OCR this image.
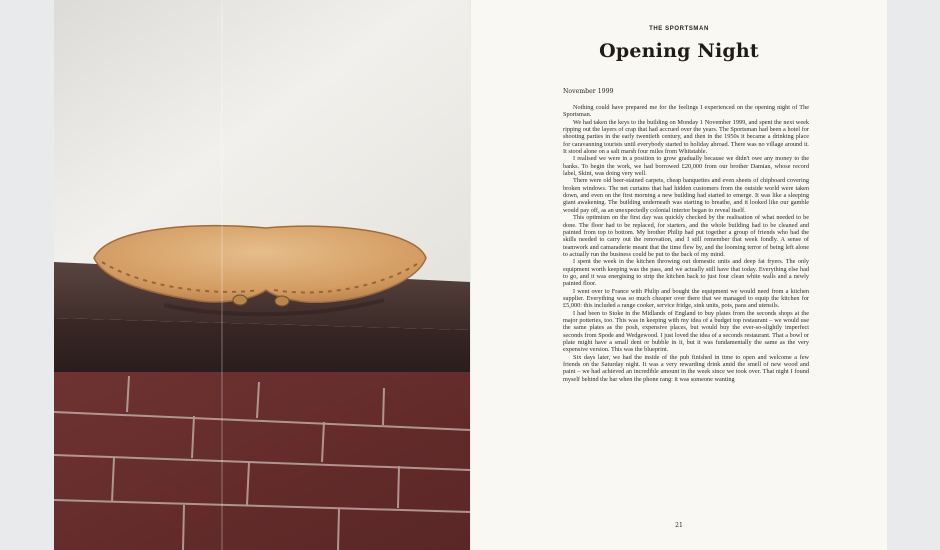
THE SPORTSMAN
Opening Night
November 1999

Nothing could have prepared me for the feelings I experienced on the opening night of The Sportsman.

We had taken the keys to the building on Monday 1 November 1999, and spent the next week ripping out the layers of crap that had accrued over the years. The Sportsman had been a hotel for shooting parties in the early twentieth century, and then in the 1950s it became a drinking place for caravanning tourists until everybody started to holiday abroad. There was no village around it. It stood alone on a salt marsh four miles from Whitstable.

I realised we were in a position to grow gradually because we didn't owe any money to the banks. To begin the work, we had borrowed £20,000 from our brother Damian, whose record label, Skint, was doing very well.

There were old beer-stained carpets, cheap banquettes and even sheets of chipboard covering broken windows. The net curtains that had hidden customers from the outside world were taken down, and even on the first morning a new building had started to emerge. It was like a sleeping giant awakening. The building underneath was starting to breathe, and it looked like our gamble would pay off, as an unexpectedly colonial interior began to reveal itself.

This optimism on the first day was quickly checked by the realisation of what needed to be done. The floor had to be replaced, for starters, and the whole building had to be cleaned and painted from top to bottom. My brother Philip had put together a group of friends who had the skills needed to carry out the renovation, and I still remember that week fondly. A sense of teamwork and camaraderie meant that the time flew by, and the looming terror of being left alone to actually run the business could be put to the back of my mind.

I spent the week in the kitchen throwing out domestic units and deep fat fryers. The only equipment worth keeping was the pass, and we actually still have that today. Everything else had to go, and it was energising to strip the kitchen back to just four clean white walls and a newly painted floor.

I went over to France with Philip and bought the equipment we would need from a kitchen supplier. Everything was so much cheaper over there that we managed to equip the kitchen for £5,000: this included a range cooker, service fridge, sink units, pots, pans and utensils.

I had been to Stoke in the Midlands of England to buy plates from the seconds shops at the major potteries, too. This was in keeping with my idea of a budget top restaurant – we would use the same plates as the posh, expensive places, but would buy the ever-so-slightly imperfect seconds from Spode and Wedgewood. I just loved the idea of a seconds restaurant. That a bowl or plate might have a small dent or bubble in it, but it was fundamentally the same as the very expensive version. This was the blueprint.

Six days later, we had the inside of the pub finished in time to open and welcome a few friends on the Saturday night. It was a very rewarding drink amid the smell of new wood and paint – we had achieved an incredible amount in the week since we took over. That night I found myself behind the bar when the phone rang: it was someone wanting

21
